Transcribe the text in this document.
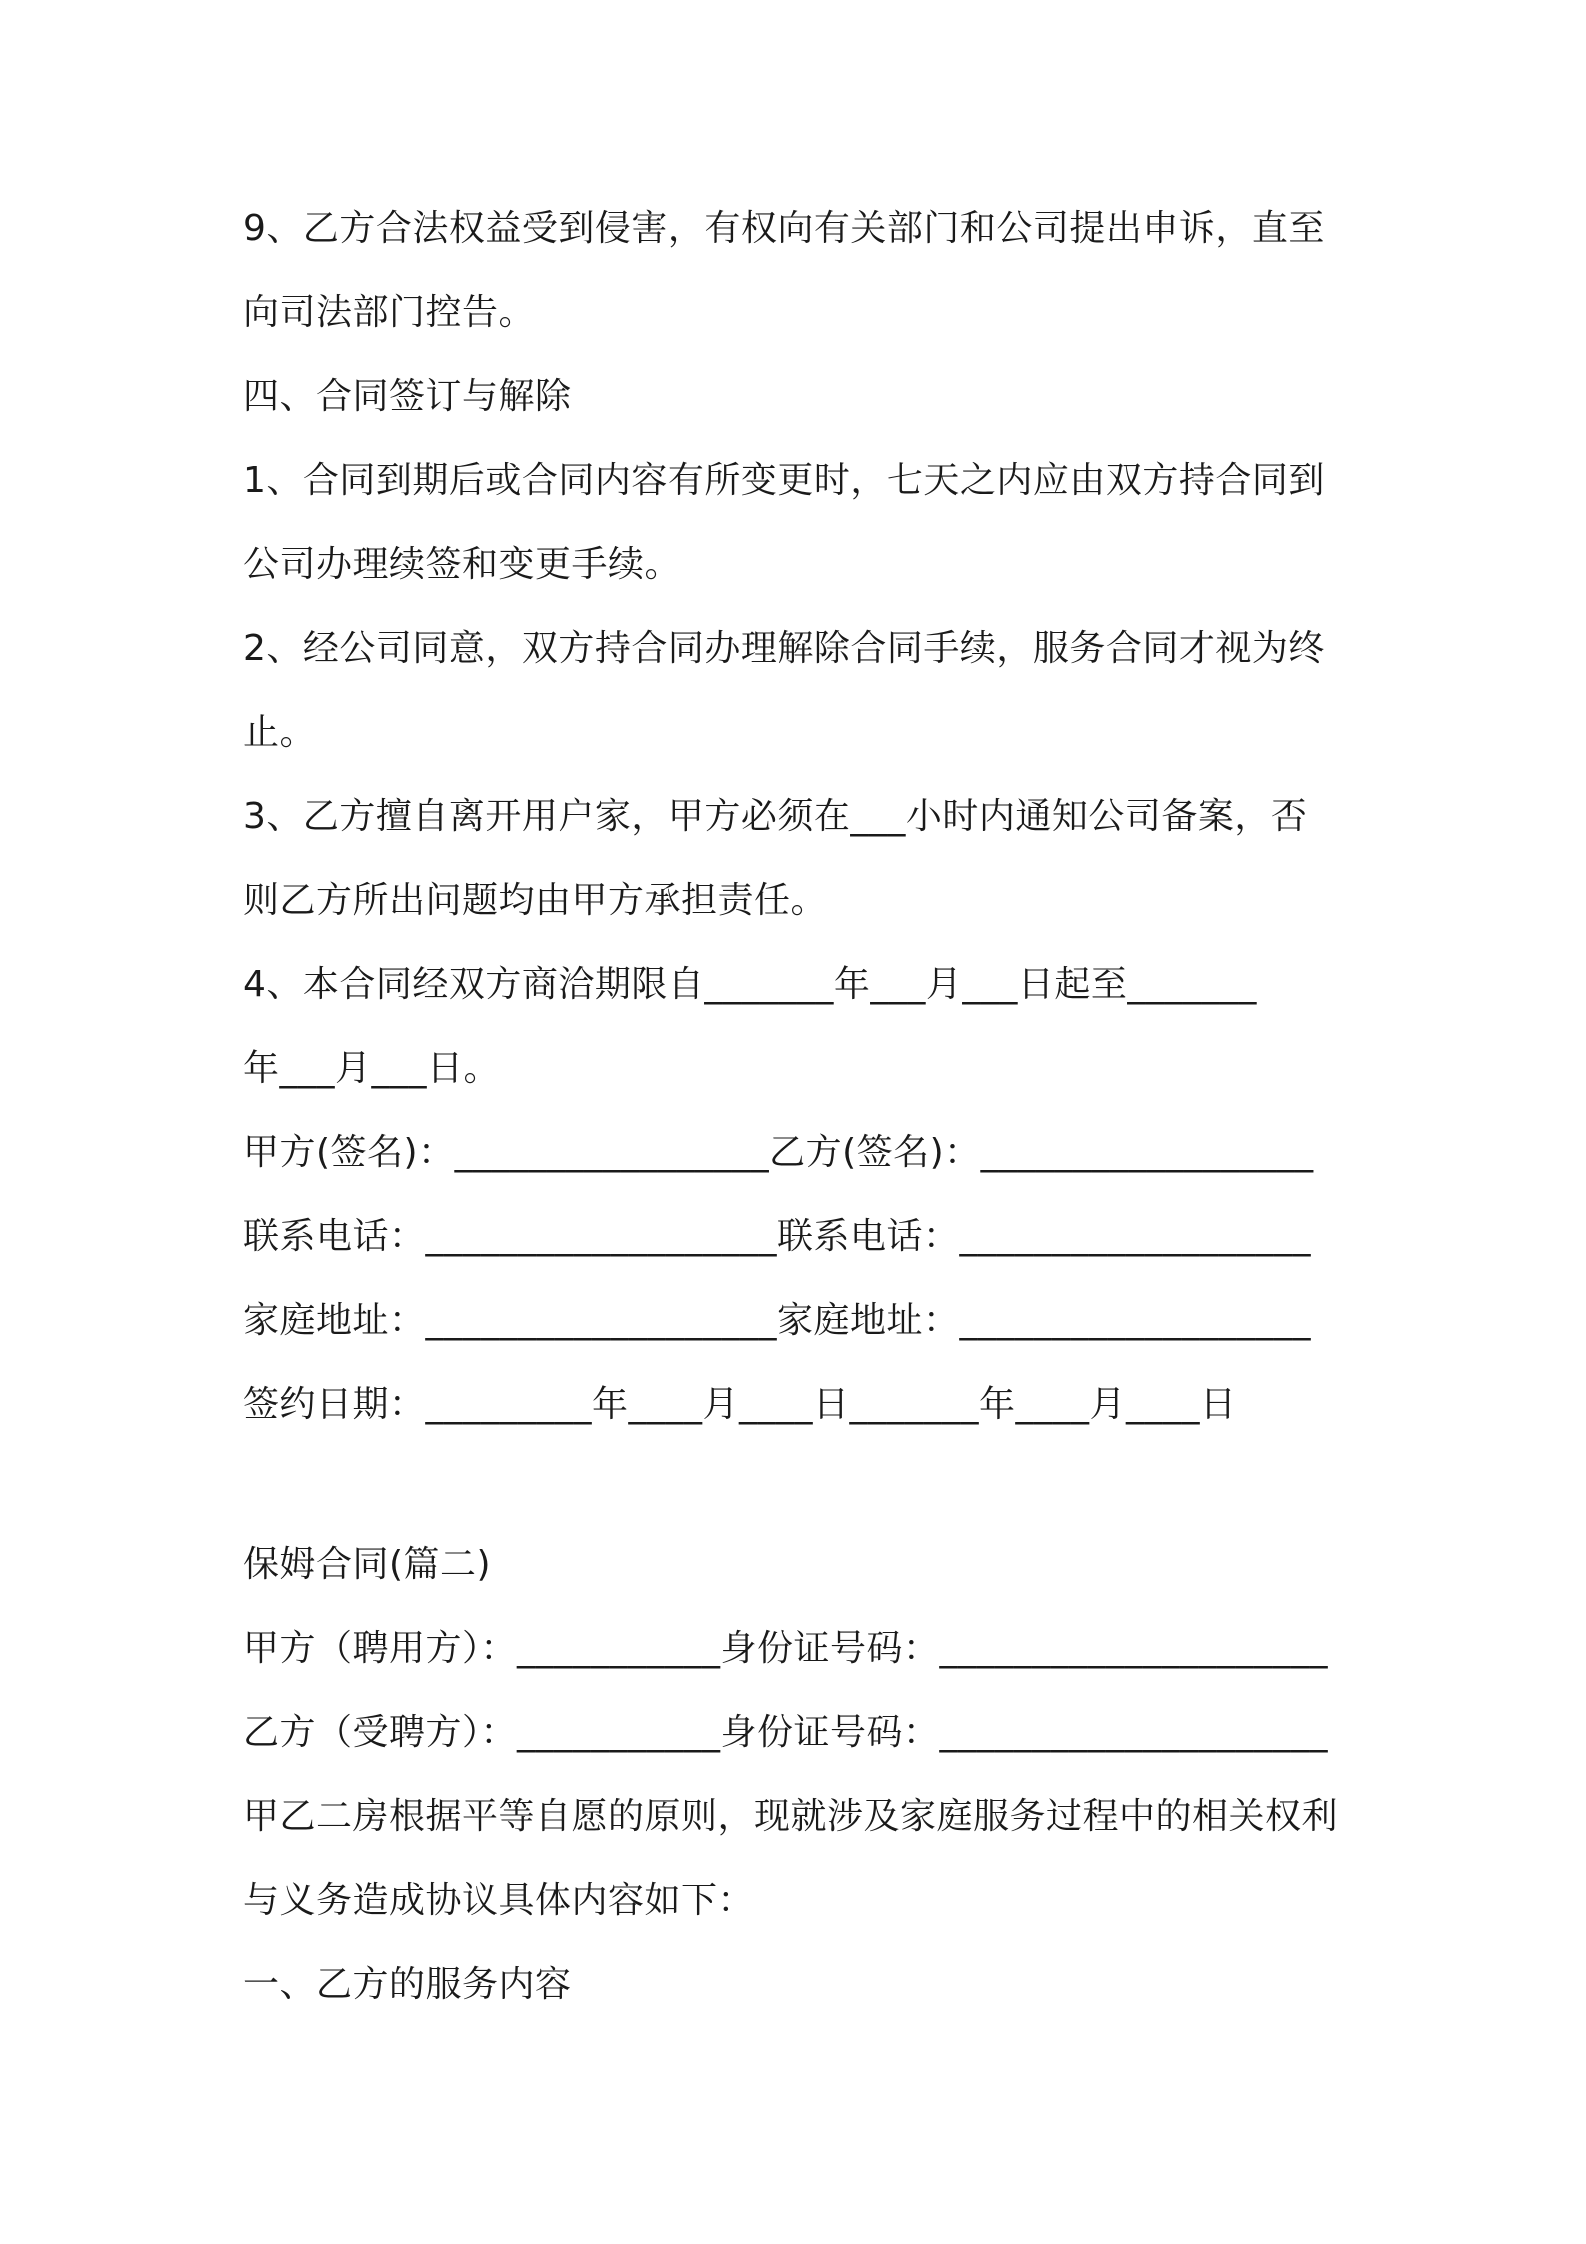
9、乙方合法权益受到侵害，有权向有关部门和公司提出申诉，直至
向司法部门控告。
四、合同签订与解除
1、合同到期后或合同内容有所变更时，七天之内应由双方持合同到
公司办理续签和变更手续。
2、经公司同意，双方持合同办理解除合同手续，服务合同才视为终
止。
3、乙方擅自离开用户家，甲方必须在___小时内通知公司备案，否
则乙方所出问题均由甲方承担责任。
4、本合同经双方商洽期限自_______年___月___日起至_______
年___月___日。
甲方(签名)：_________________乙方(签名)：__________________
联系电话：___________________联系电话：___________________
家庭地址：___________________家庭地址：___________________
签约日期：_________年____月____日_______年____月____日
保姆合同(篇二)
甲方（聘用方）：___________身份证号码：_____________________
乙方（受聘方）：___________身份证号码：_____________________
甲乙二房根据平等自愿的原则，现就涉及家庭服务过程中的相关权利
与义务造成协议具体内容如下：
一、乙方的服务内容
